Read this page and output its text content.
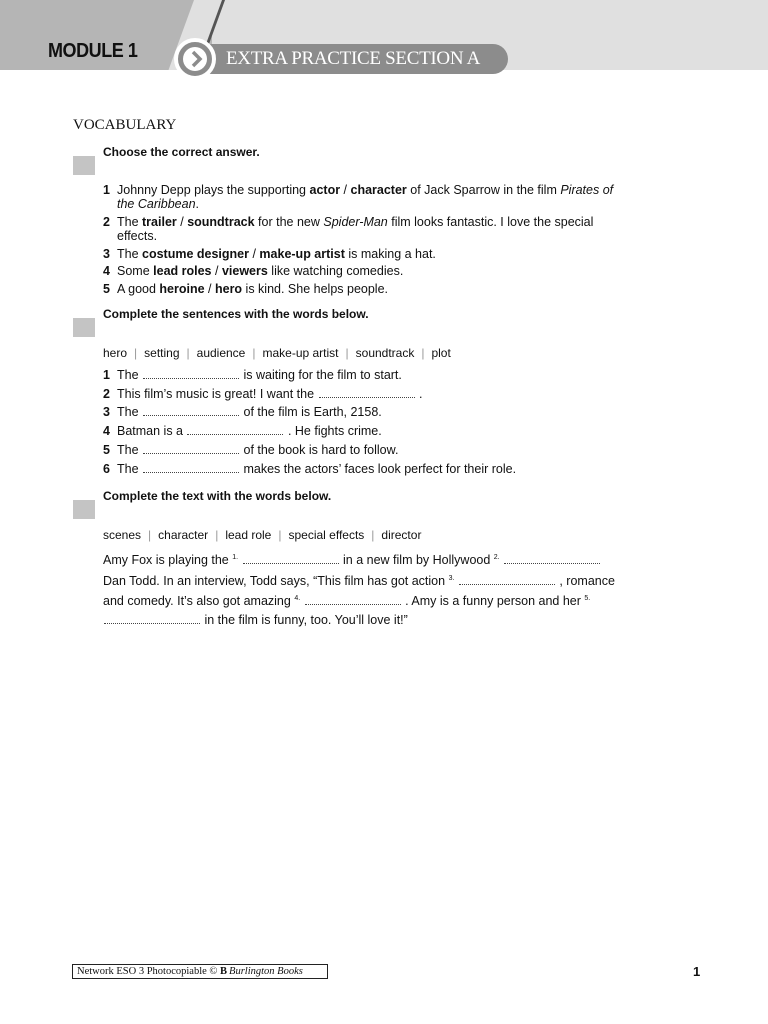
MODULE 1	EXTRA PRACTICE SECTION A
VOCABULARY
Choose the correct answer.
1 Johnny Depp plays the supporting actor / character of Jack Sparrow in the film Pirates of the Caribbean.
2 The trailer / soundtrack for the new Spider-Man film looks fantastic. I love the special effects.
3 The costume designer / make-up artist is making a hat.
4 Some lead roles / viewers like watching comedies.
5 A good heroine / hero is kind. She helps people.
Complete the sentences with the words below.
hero | setting | audience | make-up artist | soundtrack | plot
1 The	is waiting for the film to start.
2 This film’s music is great! I want the	.
3 The	of the film is Earth, 2158.
4 Batman is a	. He fights crime.
5 The	of the book is hard to follow.
6 The	makes the actors’ faces look perfect for their role.
Complete the text with the words below.
scenes | character | lead role | special effects | director
Amy Fox is playing the $^{1.}$	in a new film by Hollywood $^{2.}$  Dan Todd. In an interview, Todd says, “This film has got action $^{3.}$	, romance and comedy. It’s also got amazing $^{4.}$	. Amy is a funny person and her $^{5.}$  in the film is funny, too. You’ll love it!”
Network ESO 3 Photocopiable © B Burlington Books	1
